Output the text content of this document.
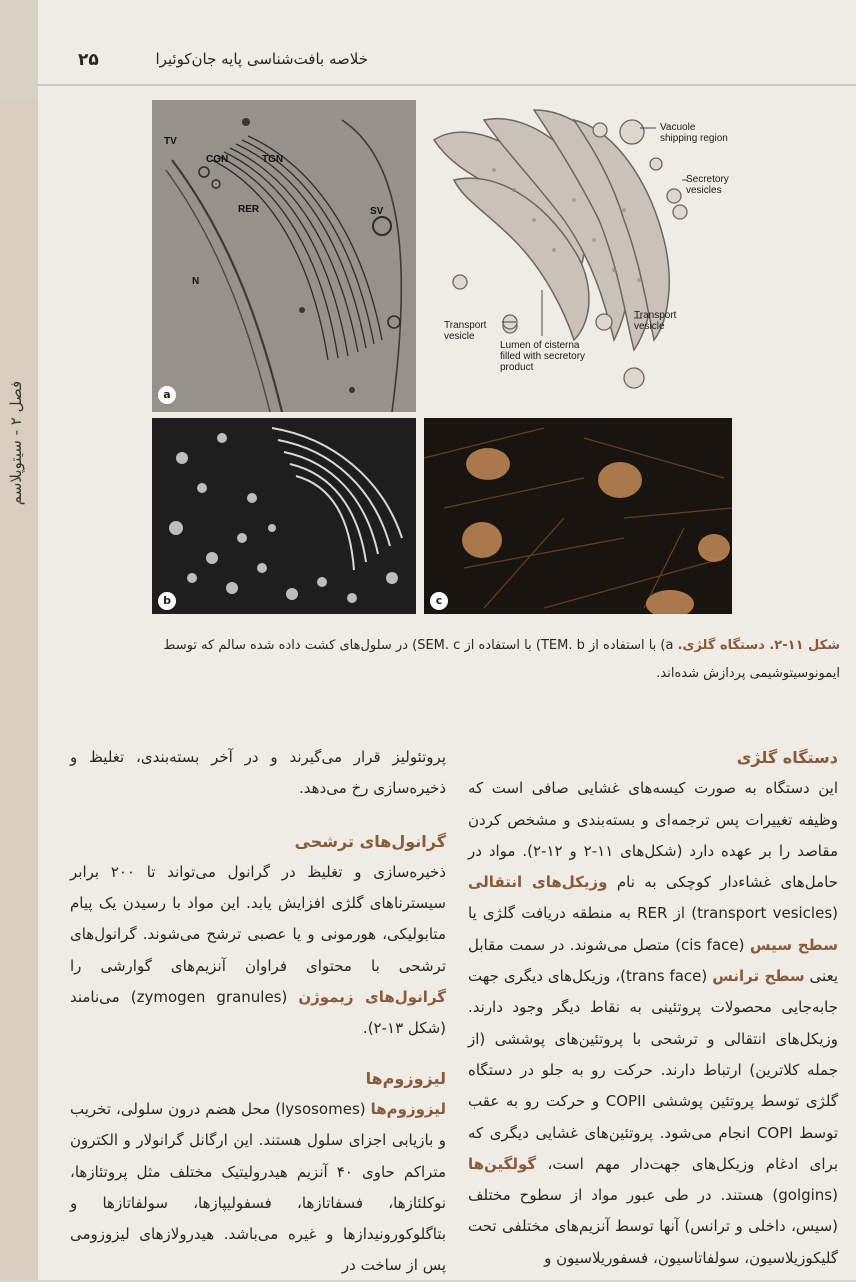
فصل ۲ - سیتوپلاسم
۲۵	خلاصه بافت‌شناسی پایه جان‌کوئیرا
TV
CGN	TGN
RER	SV
N
a
Vacuole shipping region
Secretory vesicles
Transport vesicle
Transport vesicle
Lumen of cisterna filled with secretory product
b	c
شکل ۱۱-۲. دستگاه گلژی. a) با استفاده از TEM. b) با استفاده از SEM. c) در سلول‌های کشت داده شده سالم که توسط ایمونوسیتوشیمی پردازش شده‌اند.
دستگاه گلژی
این دستگاه به صورت کیسه‌های غشایی صافی است که وظیفه تغییرات پس ترجمه‌ای و بسته‌بندی و مشخص کردن مقاصد را بر عهده دارد (شکل‌های ۱۱-۲ و ۱۲-۲). مواد در حامل‌های غشاءدار کوچکی به نام وزیکل‌های انتقالی (transport vesicles) از RER به منطقه دریافت گلژی یا سطح سیس (cis face) متصل می‌شوند. در سمت مقابل یعنی سطح ترانس (trans face)، وزیکل‌های دیگری جهت جابه‌جایی محصولات پروتئینی به نقاط دیگر وجود دارند. وزیکل‌های انتقالی و ترشحی با پروتئین‌های پوششی (از جمله کلاترین) ارتباط دارند. حرکت رو به جلو در دستگاه گلژی توسط پروتئین پوششی COPII و حرکت رو به عقب توسط COPI انجام می‌شود. پروتئین‌های غشایی دیگری که برای ادغام وزیکل‌های جهت‌دار مهم است، گولگین‌ها (golgins) هستند. در طی عبور مواد از سطوح مختلف (سیس، داخلی و ترانس) آنها توسط آنزیم‌های مختلفی تحت گلیکوزیلاسیون، سولفاتاسیون، فسفوریلاسیون و
پروتئولیز قرار می‌گیرند و در آخر بسته‌بندی، تغلیظ و ذخیره‌سازی رخ می‌دهد.
گرانول‌های ترشحی
ذخیره‌سازی و تغلیظ در گرانول می‌تواند تا ۲۰۰ برابر سیسترناهای گلژی افزایش یابد. این مواد با رسیدن یک پیام متابولیکی، هورمونی و یا عصبی ترشح می‌شوند. گرانول‌های ترشحی با محتوای فراوان آنزیم‌های گوارشی را گرانول‌های زیموژن (zymogen granules) می‌نامند (شکل ۱۳-۲).
لیزوزوم‌ها
لیزوزوم‌ها (lysosomes) محل هضم درون سلولی، تخریب و بازیابی اجزای سلول هستند. این ارگانل گرانولار و الکترون متراکم حاوی ۴۰ آنزیم هیدرولیتیک مختلف مثل پروتئازها، نوکلئازها، فسفاتازها، فسفولیپازها، سولفاتازها و بتاگلوکورونیدازها و غیره می‌باشد. هیدرولازهای لیزوزومی پس از ساخت در
